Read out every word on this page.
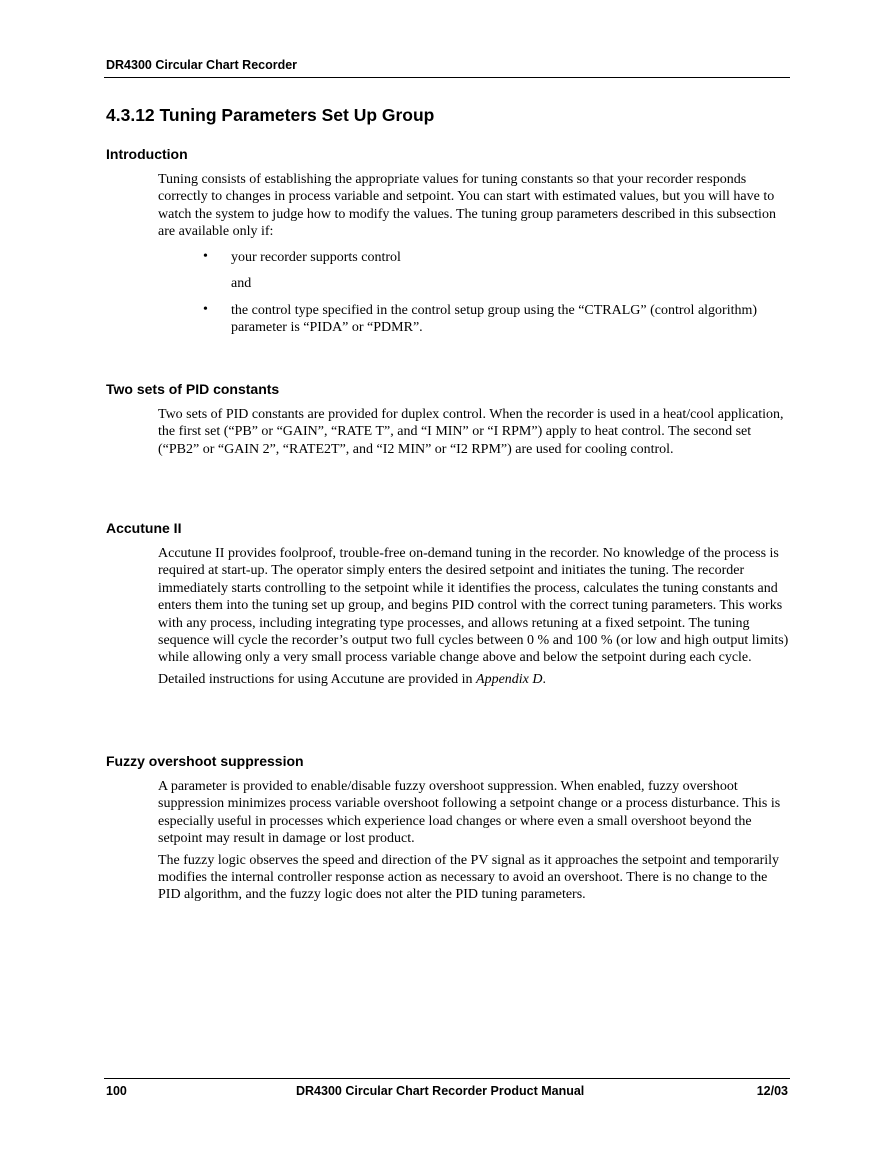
DR4300 Circular Chart Recorder
4.3.12 Tuning Parameters Set Up Group
Introduction

Tuning consists of establishing the appropriate values for tuning constants so that your recorder responds correctly to changes in process variable and setpoint. You can start with estimated values, but you will have to watch the system to judge how to modify the values. The tuning group parameters described in this subsection are available only if:

• your recorder supports control
and
• the control type specified in the control setup group using the “CTRALG” (control algorithm) parameter is “PIDA” or “PDMR”.
Two sets of PID constants

Two sets of PID constants are provided for duplex control. When the recorder is used in a heat/cool application, the first set (“PB” or “GAIN”, “RATE T”, and “I MIN” or “I RPM”) apply to heat control. The second set (“PB2” or “GAIN 2”, “RATE2T”, and “I2 MIN” or “I2 RPM”) are used for cooling control.

Accutune II

Accutune II provides foolproof, trouble-free on-demand tuning in the recorder. No knowledge of the process is required at start-up. The operator simply enters the desired setpoint and initiates the tuning. The recorder immediately starts controlling to the setpoint while it identifies the process, calculates the tuning constants and enters them into the tuning set up group, and begins PID control with the correct tuning parameters. This works with any process, including integrating type processes, and allows retuning at a fixed setpoint. The tuning sequence will cycle the recorder’s output two full cycles between 0 % and 100 % (or low and high output limits) while allowing only a very small process variable change above and below the setpoint during each cycle.

Detailed instructions for using Accutune are provided in Appendix D.

Fuzzy overshoot suppression

A parameter is provided to enable/disable fuzzy overshoot suppression. When enabled, fuzzy overshoot suppression minimizes process variable overshoot following a setpoint change or a process disturbance. This is especially useful in processes which experience load changes or where even a small overshoot beyond the setpoint may result in damage or lost product.

The fuzzy logic observes the speed and direction of the PV signal as it approaches the setpoint and temporarily modifies the internal controller response action as necessary to avoid an overshoot. There is no change to the PID algorithm, and the fuzzy logic does not alter the PID tuning parameters.

100	DR4300 Circular Chart Recorder Product Manual	12/03
